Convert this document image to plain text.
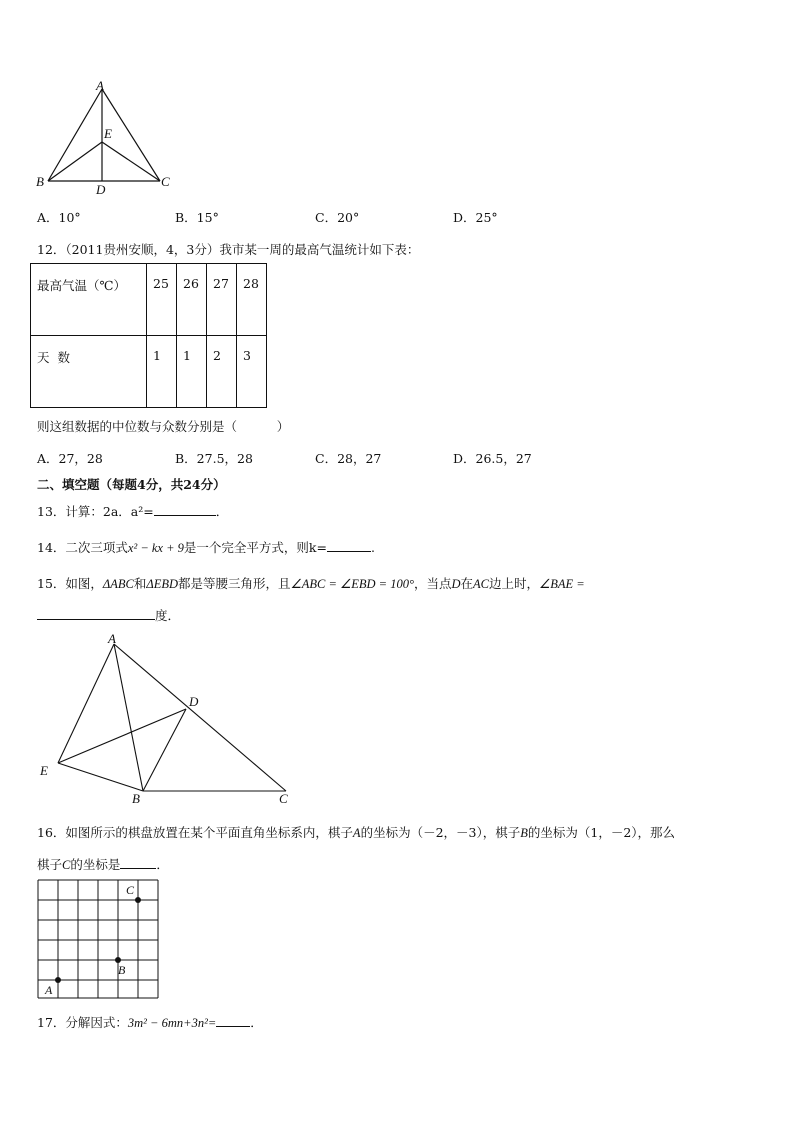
A
B	C
D
E
A．10°	B．15°	C．20°	D．25°
12．（2011贵州安顺，4，3分）我市某一周的最高气温统计如下表：
最高气温（℃）	25	26	27	28
天  数	1	1	2	3
则这组数据的中位数与众数分别是（          ）
A．27，28	B．27.5，28	C．28，27	D．26.5，27
二、填空题（每题4分，共24分）
13．计算：2a．a²=	．
14．二次三项式x² − kx + 9是一个完全平方式，则k=	.
15．如图，ΔABC和ΔEBD都是等腰三角形，且∠ABC = ∠EBD = 100°，当点D在AC边上时，∠BAE =
度．
A
B	C
D
E
16．如图所示的棋盘放置在某个平面直角坐标系内，棋子A的坐标为（－2，－3），棋子B的坐标为（1，－2），那么
棋子C的坐标是	．
A
B
C
17．分解因式：3m² − 6mn+3n²=	．
